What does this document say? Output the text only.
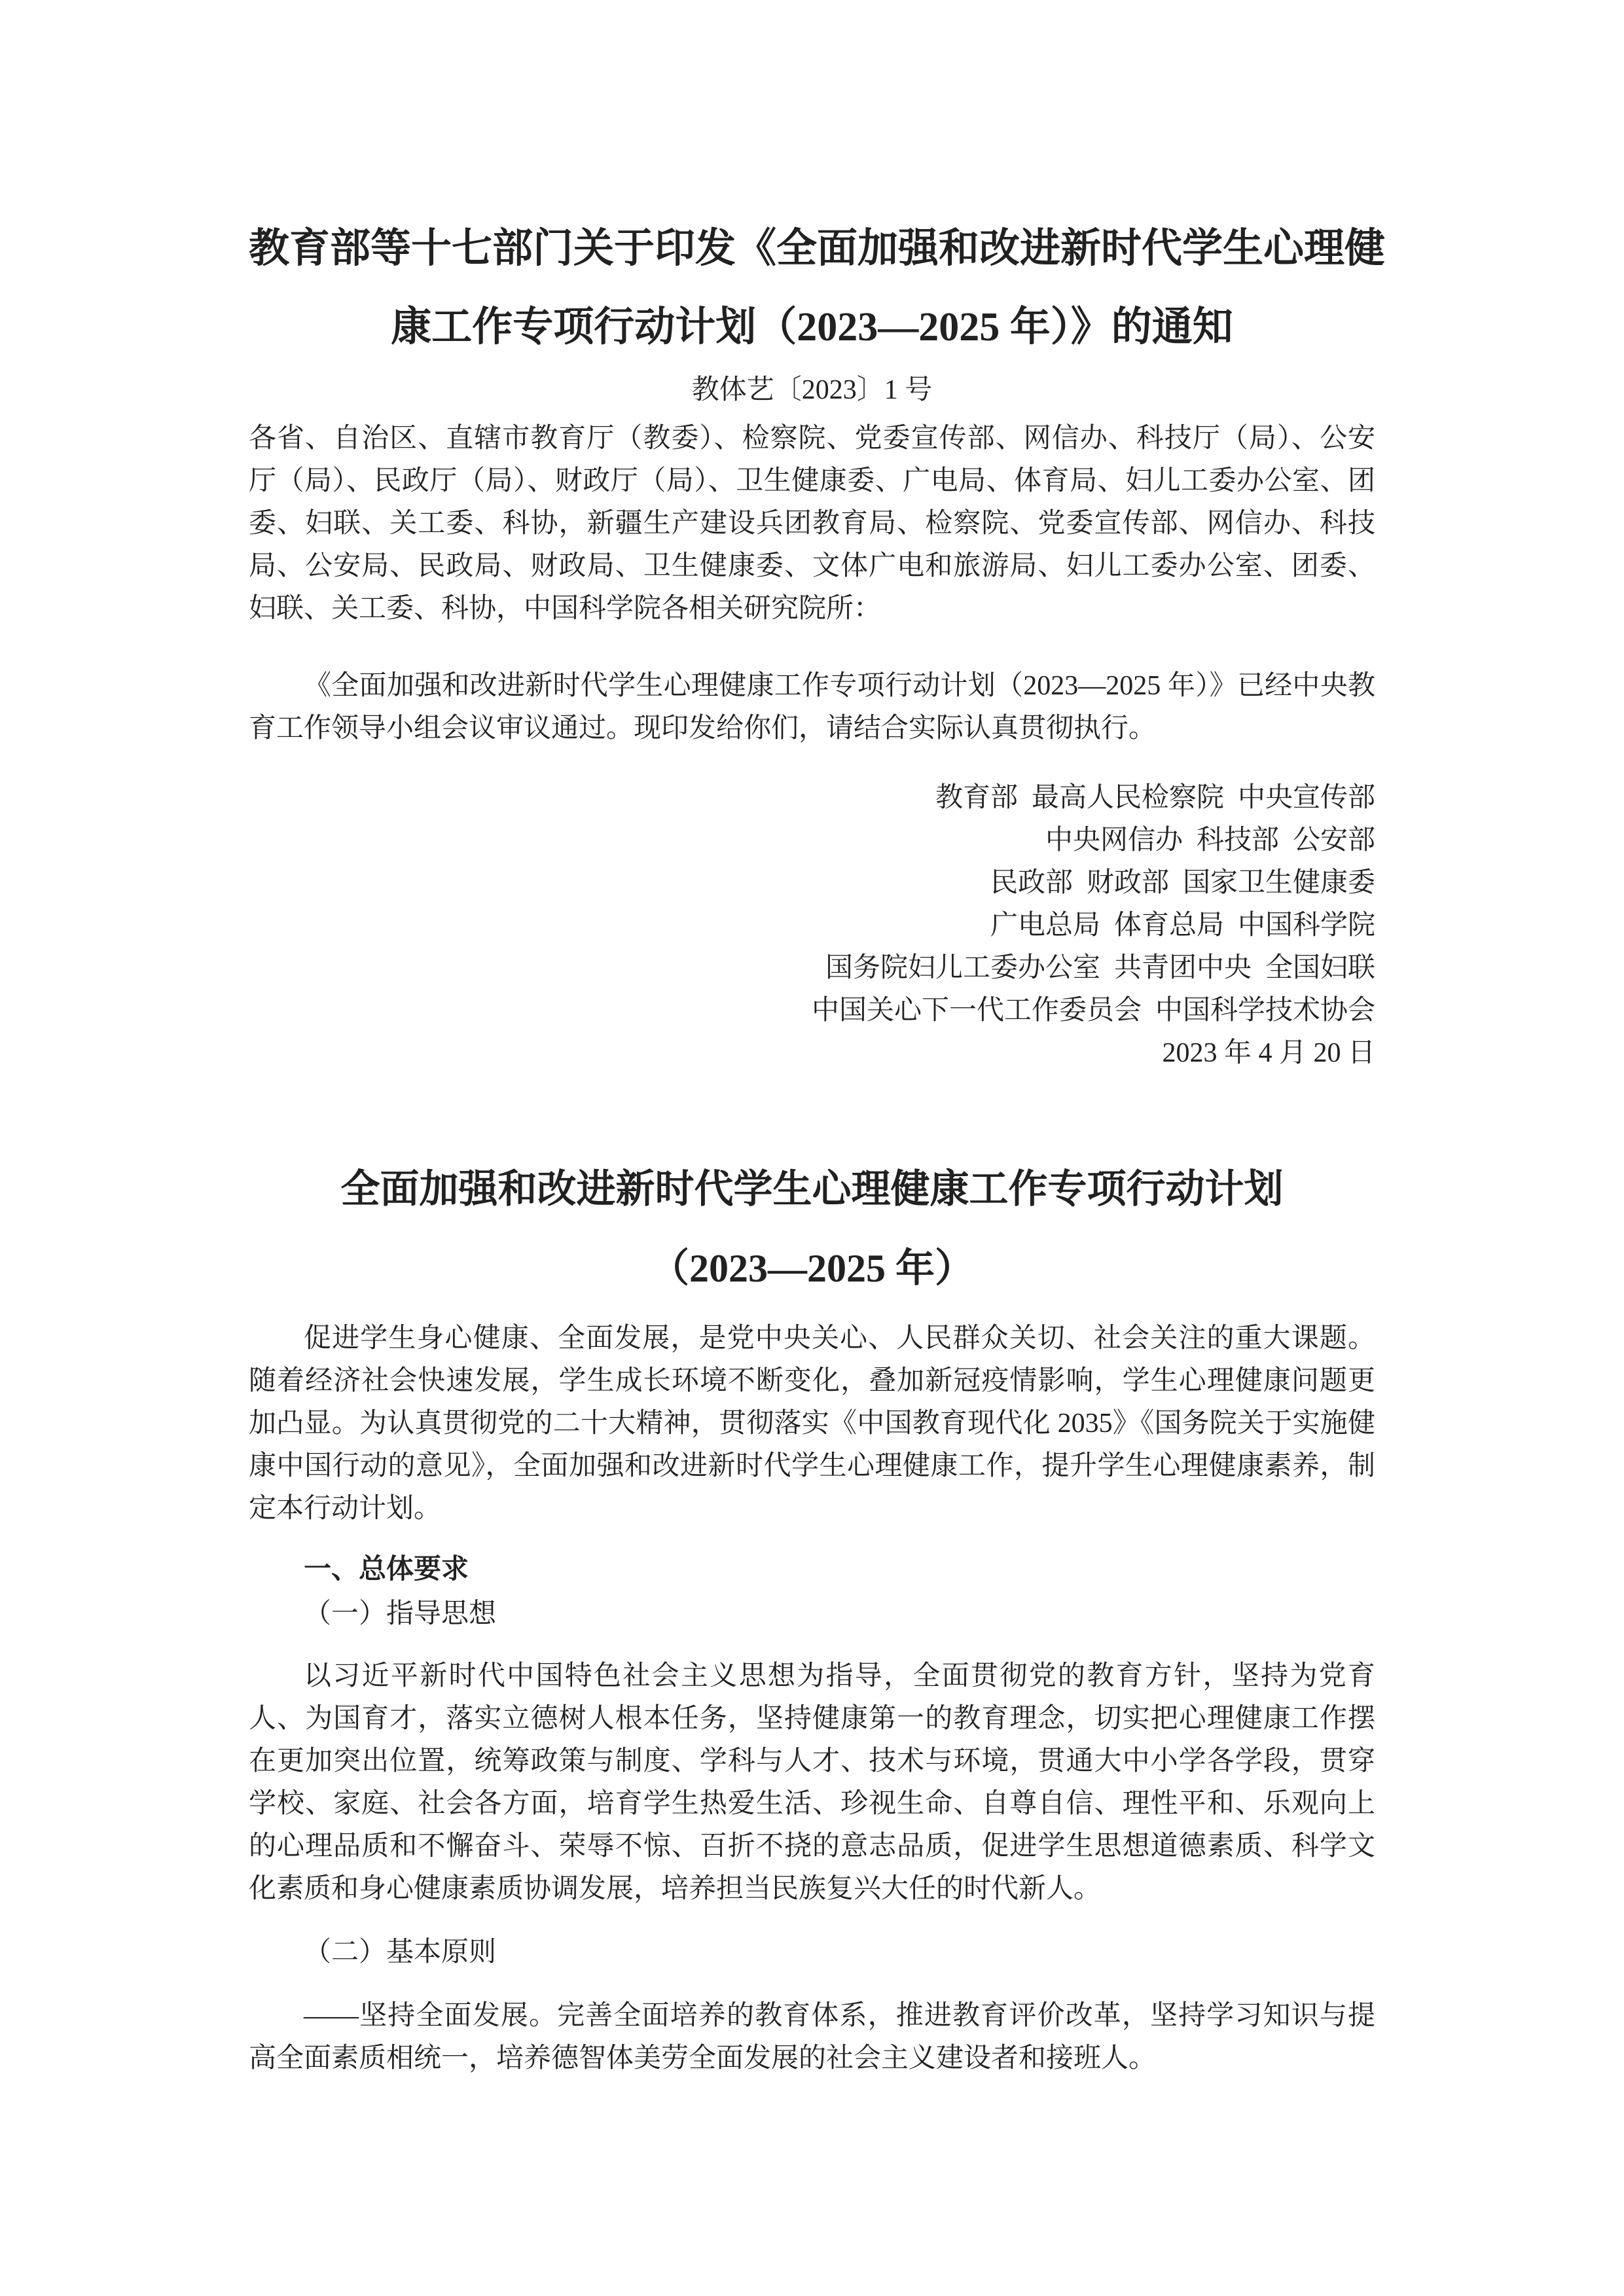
教育部等十七部门关于印发《全面加强和改进新时代学生心理健
康工作专项行动计划（2023—2025 年）》的通知
教体艺〔2023〕1 号

各省、自治区、直辖市教育厅（教委）、检察院、党委宣传部、网信办、科技厅（局）、公安厅（局）、民政厅（局）、财政厅（局）、卫生健康委、广电局、体育局、妇儿工委办公室、团委、妇联、关工委、科协，新疆生产建设兵团教育局、检察院、党委宣传部、网信办、科技局、公安局、民政局、财政局、卫生健康委、文体广电和旅游局、妇儿工委办公室、团委、妇联、关工委、科协，中国科学院各相关研究院所：

《全面加强和改进新时代学生心理健康工作专项行动计划（2023—2025 年）》已经中央教育工作领导小组会议审议通过。现印发给你们，请结合实际认真贯彻执行。

教育部  最高人民检察院  中央宣传部
中央网信办  科技部  公安部
民政部  财政部  国家卫生健康委
广电总局  体育总局  中国科学院
国务院妇儿工委办公室  共青团中央  全国妇联
中国关心下一代工作委员会  中国科学技术协会
2023 年 4 月 20 日
全面加强和改进新时代学生心理健康工作专项行动计划
（2023—2025 年）

促进学生身心健康、全面发展，是党中央关心、人民群众关切、社会关注的重大课题。随着经济社会快速发展，学生成长环境不断变化，叠加新冠疫情影响，学生心理健康问题更加凸显。为认真贯彻党的二十大精神，贯彻落实《中国教育现代化 2035》《国务院关于实施健康中国行动的意见》，全面加强和改进新时代学生心理健康工作，提升学生心理健康素养，制定本行动计划。

一、总体要求

（一）指导思想

以习近平新时代中国特色社会主义思想为指导，全面贯彻党的教育方针，坚持为党育人、为国育才，落实立德树人根本任务，坚持健康第一的教育理念，切实把心理健康工作摆在更加突出位置，统筹政策与制度、学科与人才、技术与环境，贯通大中小学各学段，贯穿学校、家庭、社会各方面，培育学生热爱生活、珍视生命、自尊自信、理性平和、乐观向上的心理品质和不懈奋斗、荣辱不惊、百折不挠的意志品质，促进学生思想道德素质、科学文化素质和身心健康素质协调发展，培养担当民族复兴大任的时代新人。

（二）基本原则

——坚持全面发展。完善全面培养的教育体系，推进教育评价改革，坚持学习知识与提高全面素质相统一，培养德智体美劳全面发展的社会主义建设者和接班人。
